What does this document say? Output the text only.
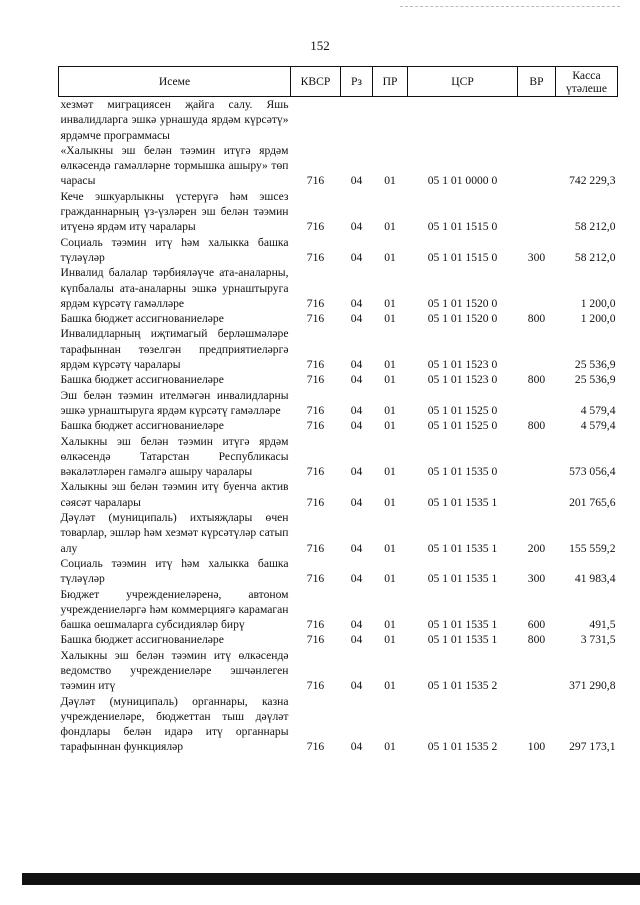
152
Исеме	КВСР	Рз	ПР	ЦСР	ВР	Касса үтәлеше
хезмәт миграциясен җайга салу. Яшь инвалидларга эшкә урнашуда ярдәм күрсәтү» ярдәмче программасы						
«Халыкны эш белән тәэмин итүгә ярдәм өлкәсендә гамәлләрне тормышка ашыру» төп чарасы	716	04	01	05 1 01 0000 0		742 229,3
Кече эшкуарлыкны үстерүгә һәм эшсез гражданнарның үз-үзләрен эш белән тәэмин итүенә ярдәм итү чаралары	716	04	01	05 1 01 1515 0		58 212,0
Социаль тәэмин итү һәм халыкка башка түләүләр	716	04	01	05 1 01 1515 0	300	58 212,0
Инвалид балалар тәрбияләүче ата-аналарны, күпбалалы ата-аналарны эшкә урнаштыруга ярдәм күрсәтү гамәлләре	716	04	01	05 1 01 1520 0		1 200,0
Башка бюджет ассигнованиеләре	716	04	01	05 1 01 1520 0	800	1 200,0
Инвалидларның иҗтимагый берләшмәләре тарафыннан төзелгән предприятиеләргә ярдәм күрсәтү чаралары	716	04	01	05 1 01 1523 0		25 536,9
Башка бюджет ассигнованиеләре	716	04	01	05 1 01 1523 0	800	25 536,9
Эш белән тәэмин ителмәгән инвалидларны эшкә урнаштыруга ярдәм күрсәтү гамәлләре	716	04	01	05 1 01 1525 0		4 579,4
Башка бюджет ассигнованиеләре	716	04	01	05 1 01 1525 0	800	4 579,4
Халыкны эш белән тәэмин итүгә ярдәм өлкәсендә Татарстан Республикасы вәкаләтләрен гамәлгә ашыру чаралары	716	04	01	05 1 01 1535 0		573 056,4
Халыкны эш белән тәэмин итү буенча актив сәясәт чаралары	716	04	01	05 1 01 1535 1		201 765,6
Дәүләт (муниципаль) ихтыяҗлары өчен товарлар, эшләр һәм хезмәт күрсәтүләр сатып алу	716	04	01	05 1 01 1535 1	200	155 559,2
Социаль тәэмин итү һәм халыкка башка түләүләр	716	04	01	05 1 01 1535 1	300	41 983,4
Бюджет учреждениеләренә, автоном учреждениеләргә һәм коммерциягә карамаган башка оешмаларга субсидияләр бирү	716	04	01	05 1 01 1535 1	600	491,5
Башка бюджет ассигнованиеләре	716	04	01	05 1 01 1535 1	800	3 731,5
Халыкны эш белән тәэмин итү өлкәсендә ведомство учреждениеләре эшчәнлеген тәэмин итү	716	04	01	05 1 01 1535 2		371 290,8
Дәүләт (муниципаль) органнары, казна учреждениеләре, бюджеттан тыш дәүләт фондлары белән идарә итү органнары тарафыннан функцияләр	716	04	01	05 1 01 1535 2	100	297 173,1
